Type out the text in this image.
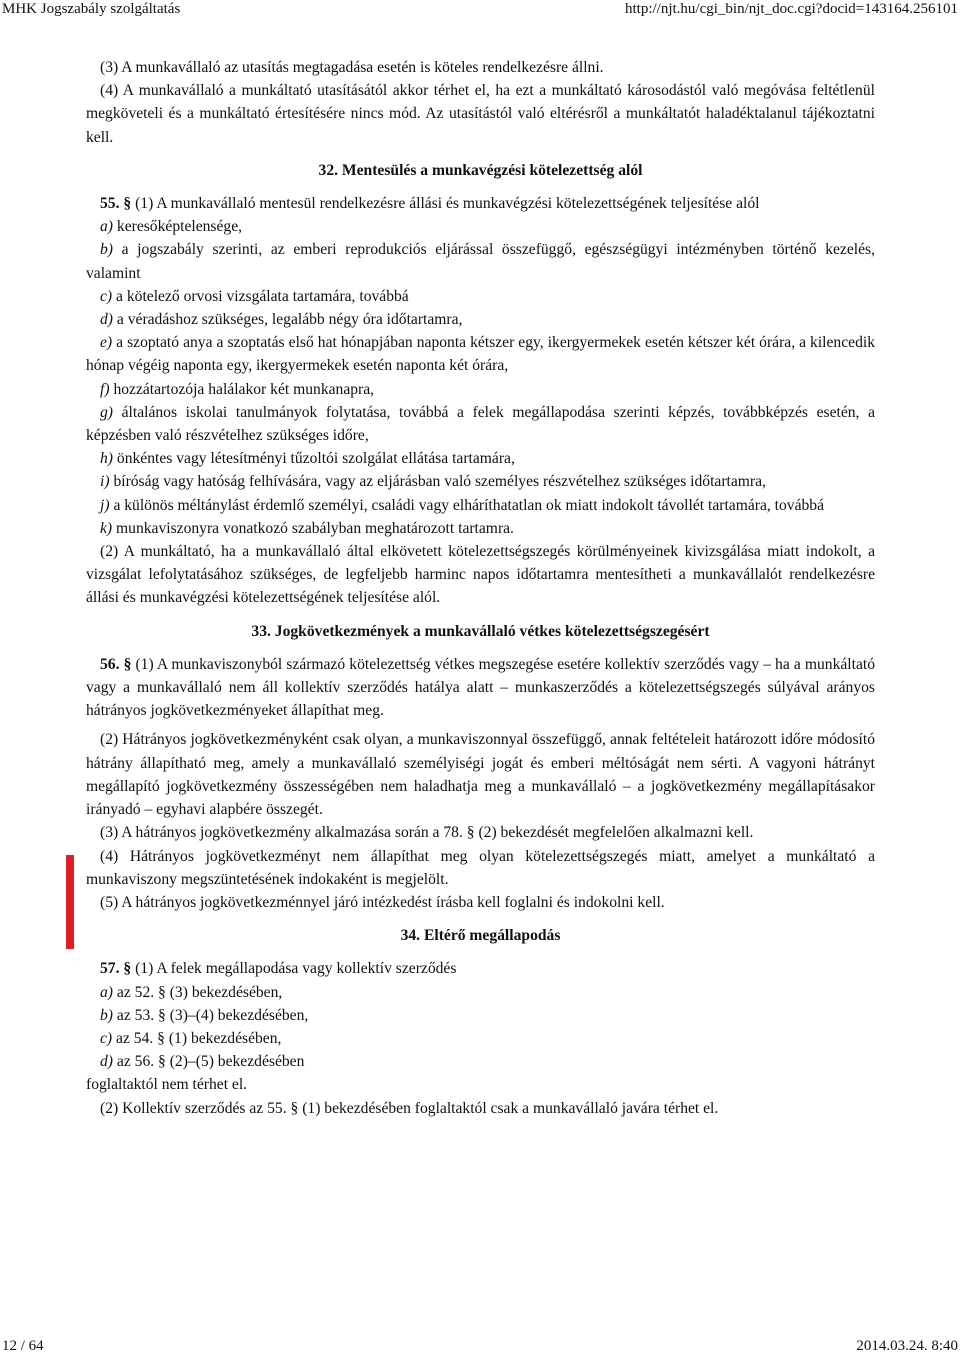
MHK Jogszabály szolgáltatás	http://njt.hu/cgi_bin/njt_doc.cgi?docid=143164.256101

(3) A munkavállaló az utasítás megtagadása esetén is köteles rendelkezésre állni.

(4) A munkavállaló a munkáltató utasításától akkor térhet el, ha ezt a munkáltató károsodástól való megóvása feltétlenül megköveteli és a munkáltató értesítésére nincs mód. Az utasítástól való eltérésről a munkáltatót haladéktalanul tájékoztatni kell.

32. Mentesülés a munkavégzési kötelezettség alól

55. § (1) A munkavállaló mentesül rendelkezésre állási és munkavégzési kötelezettségének teljesítése alól

a) keresőképtelensége,

b) a jogszabály szerinti, az emberi reprodukciós eljárással összefüggő, egészségügyi intézményben történő kezelés, valamint

c) a kötelező orvosi vizsgálata tartamára, továbbá

d) a véradáshoz szükséges, legalább négy óra időtartamra,

e) a szoptató anya a szoptatás első hat hónapjában naponta kétszer egy, ikergyermekek esetén kétszer két órára, a kilencedik hónap végéig naponta egy, ikergyermekek esetén naponta két órára,

f) hozzátartozója halálakor két munkanapra,

g) általános iskolai tanulmányok folytatása, továbbá a felek megállapodása szerinti képzés, továbbképzés esetén, a képzésben való részvételhez szükséges időre,

h) önkéntes vagy létesítményi tűzoltói szolgálat ellátása tartamára,

i) bíróság vagy hatóság felhívására, vagy az eljárásban való személyes részvételhez szükséges időtartamra,

j) a különös méltánylást érdemlő személyi, családi vagy elháríthatatlan ok miatt indokolt távollét tartamára, továbbá

k) munkaviszonyra vonatkozó szabályban meghatározott tartamra.

(2) A munkáltató, ha a munkavállaló által elkövetett kötelezettségszegés körülményeinek kivizsgálása miatt indokolt, a vizsgálat lefolytatásához szükséges, de legfeljebb harminc napos időtartamra mentesítheti a munkavállalót rendelkezésre állási és munkavégzési kötelezettségének teljesítése alól.

33. Jogkövetkezmények a munkavállaló vétkes kötelezettségszegésért

56. § (1) A munkaviszonyból származó kötelezettség vétkes megszegése esetére kollektív szerződés vagy – ha a munkáltató vagy a munkavállaló nem áll kollektív szerződés hatálya alatt – munkaszerződés a kötelezettségszegés súlyával arányos hátrányos jogkövetkezményeket állapíthat meg.

(2) Hátrányos jogkövetkezményként csak olyan, a munkaviszonnyal összefüggő, annak feltételeit határozott időre módosító hátrány állapítható meg, amely a munkavállaló személyiségi jogát és emberi méltóságát nem sérti. A vagyoni hátrányt megállapító jogkövetkezmény összességében nem haladhatja meg a munkavállaló – a jogkövetkezmény megállapításakor irányadó – egyhavi alapbére összegét.

(3) A hátrányos jogkövetkezmény alkalmazása során a 78. § (2) bekezdését megfelelően alkalmazni kell.

(4) Hátrányos jogkövetkezményt nem állapíthat meg olyan kötelezettségszegés miatt, amelyet a munkáltató a munkaviszony megszüntetésének indokaként is megjelölt.

(5) A hátrányos jogkövetkezménnyel járó intézkedést írásba kell foglalni és indokolni kell.

34. Eltérő megállapodás

57. § (1) A felek megállapodása vagy kollektív szerződés

a) az 52. § (3) bekezdésében,

b) az 53. § (3)–(4) bekezdésében,

c) az 54. § (1) bekezdésében,

d) az 56. § (2)–(5) bekezdésében

foglaltaktól nem térhet el.

(2) Kollektív szerződés az 55. § (1) bekezdésében foglaltaktól csak a munkavállaló javára térhet el.

12 / 64	2014.03.24. 8:40
